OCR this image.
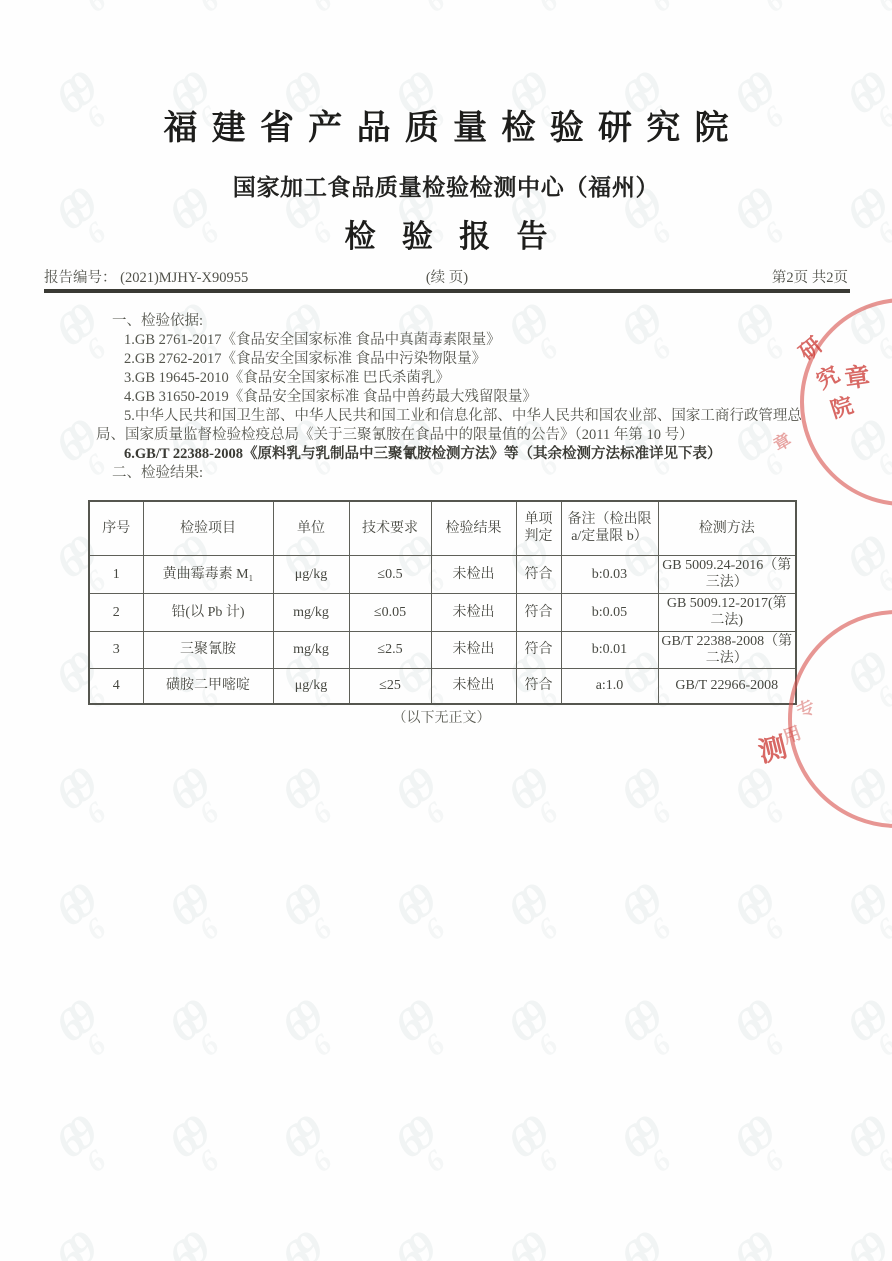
福建省产品质量检验研究院
国家加工食品质量检验检测中心（福州）
检验报告
报告编号： (2021)MJHY-X90955	(续 页)	第2页 共2页
一、检验依据:
1.GB 2761-2017《食品安全国家标准 食品中真菌毒素限量》
2.GB 2762-2017《食品安全国家标准 食品中污染物限量》
3.GB 19645-2010《食品安全国家标准 巴氏杀菌乳》
4.GB 31650-2019《食品安全国家标准 食品中兽药最大残留限量》
5.中华人民共和国卫生部、中华人民共和国工业和信息化部、中华人民共和国农业部、国家工商行政管理总局、国家质量监督检验检疫总局《关于三聚氰胺在食品中的限量值的公告》（2011 年第 10 号）
6.GB/T 22388-2008《原料乳与乳制品中三聚氰胺检测方法》等（其余检测方法标准详见下表）
二、检验结果:
序号	检验项目	单位	技术要求	检验结果	单项判定	备注（检出限 a/定量限 b）	检测方法
1	黄曲霉毒素 M₁	μg/kg	≤0.5	未检出	符合	b:0.03	GB 5009.24-2016（第三法）
2	铅(以 Pb 计)	mg/kg	≤0.05	未检出	符合	b:0.05	GB 5009.12-2017(第二法)
3	三聚氰胺	mg/kg	≤2.5	未检出	符合	b:0.01	GB/T 22388-2008（第二法）
4	磺胺二甲嘧啶	μg/kg	≤25	未检出	符合	a:1.0	GB/T 22966-2008
（以下无正文）
研
究
院
章
章
专
用
测
